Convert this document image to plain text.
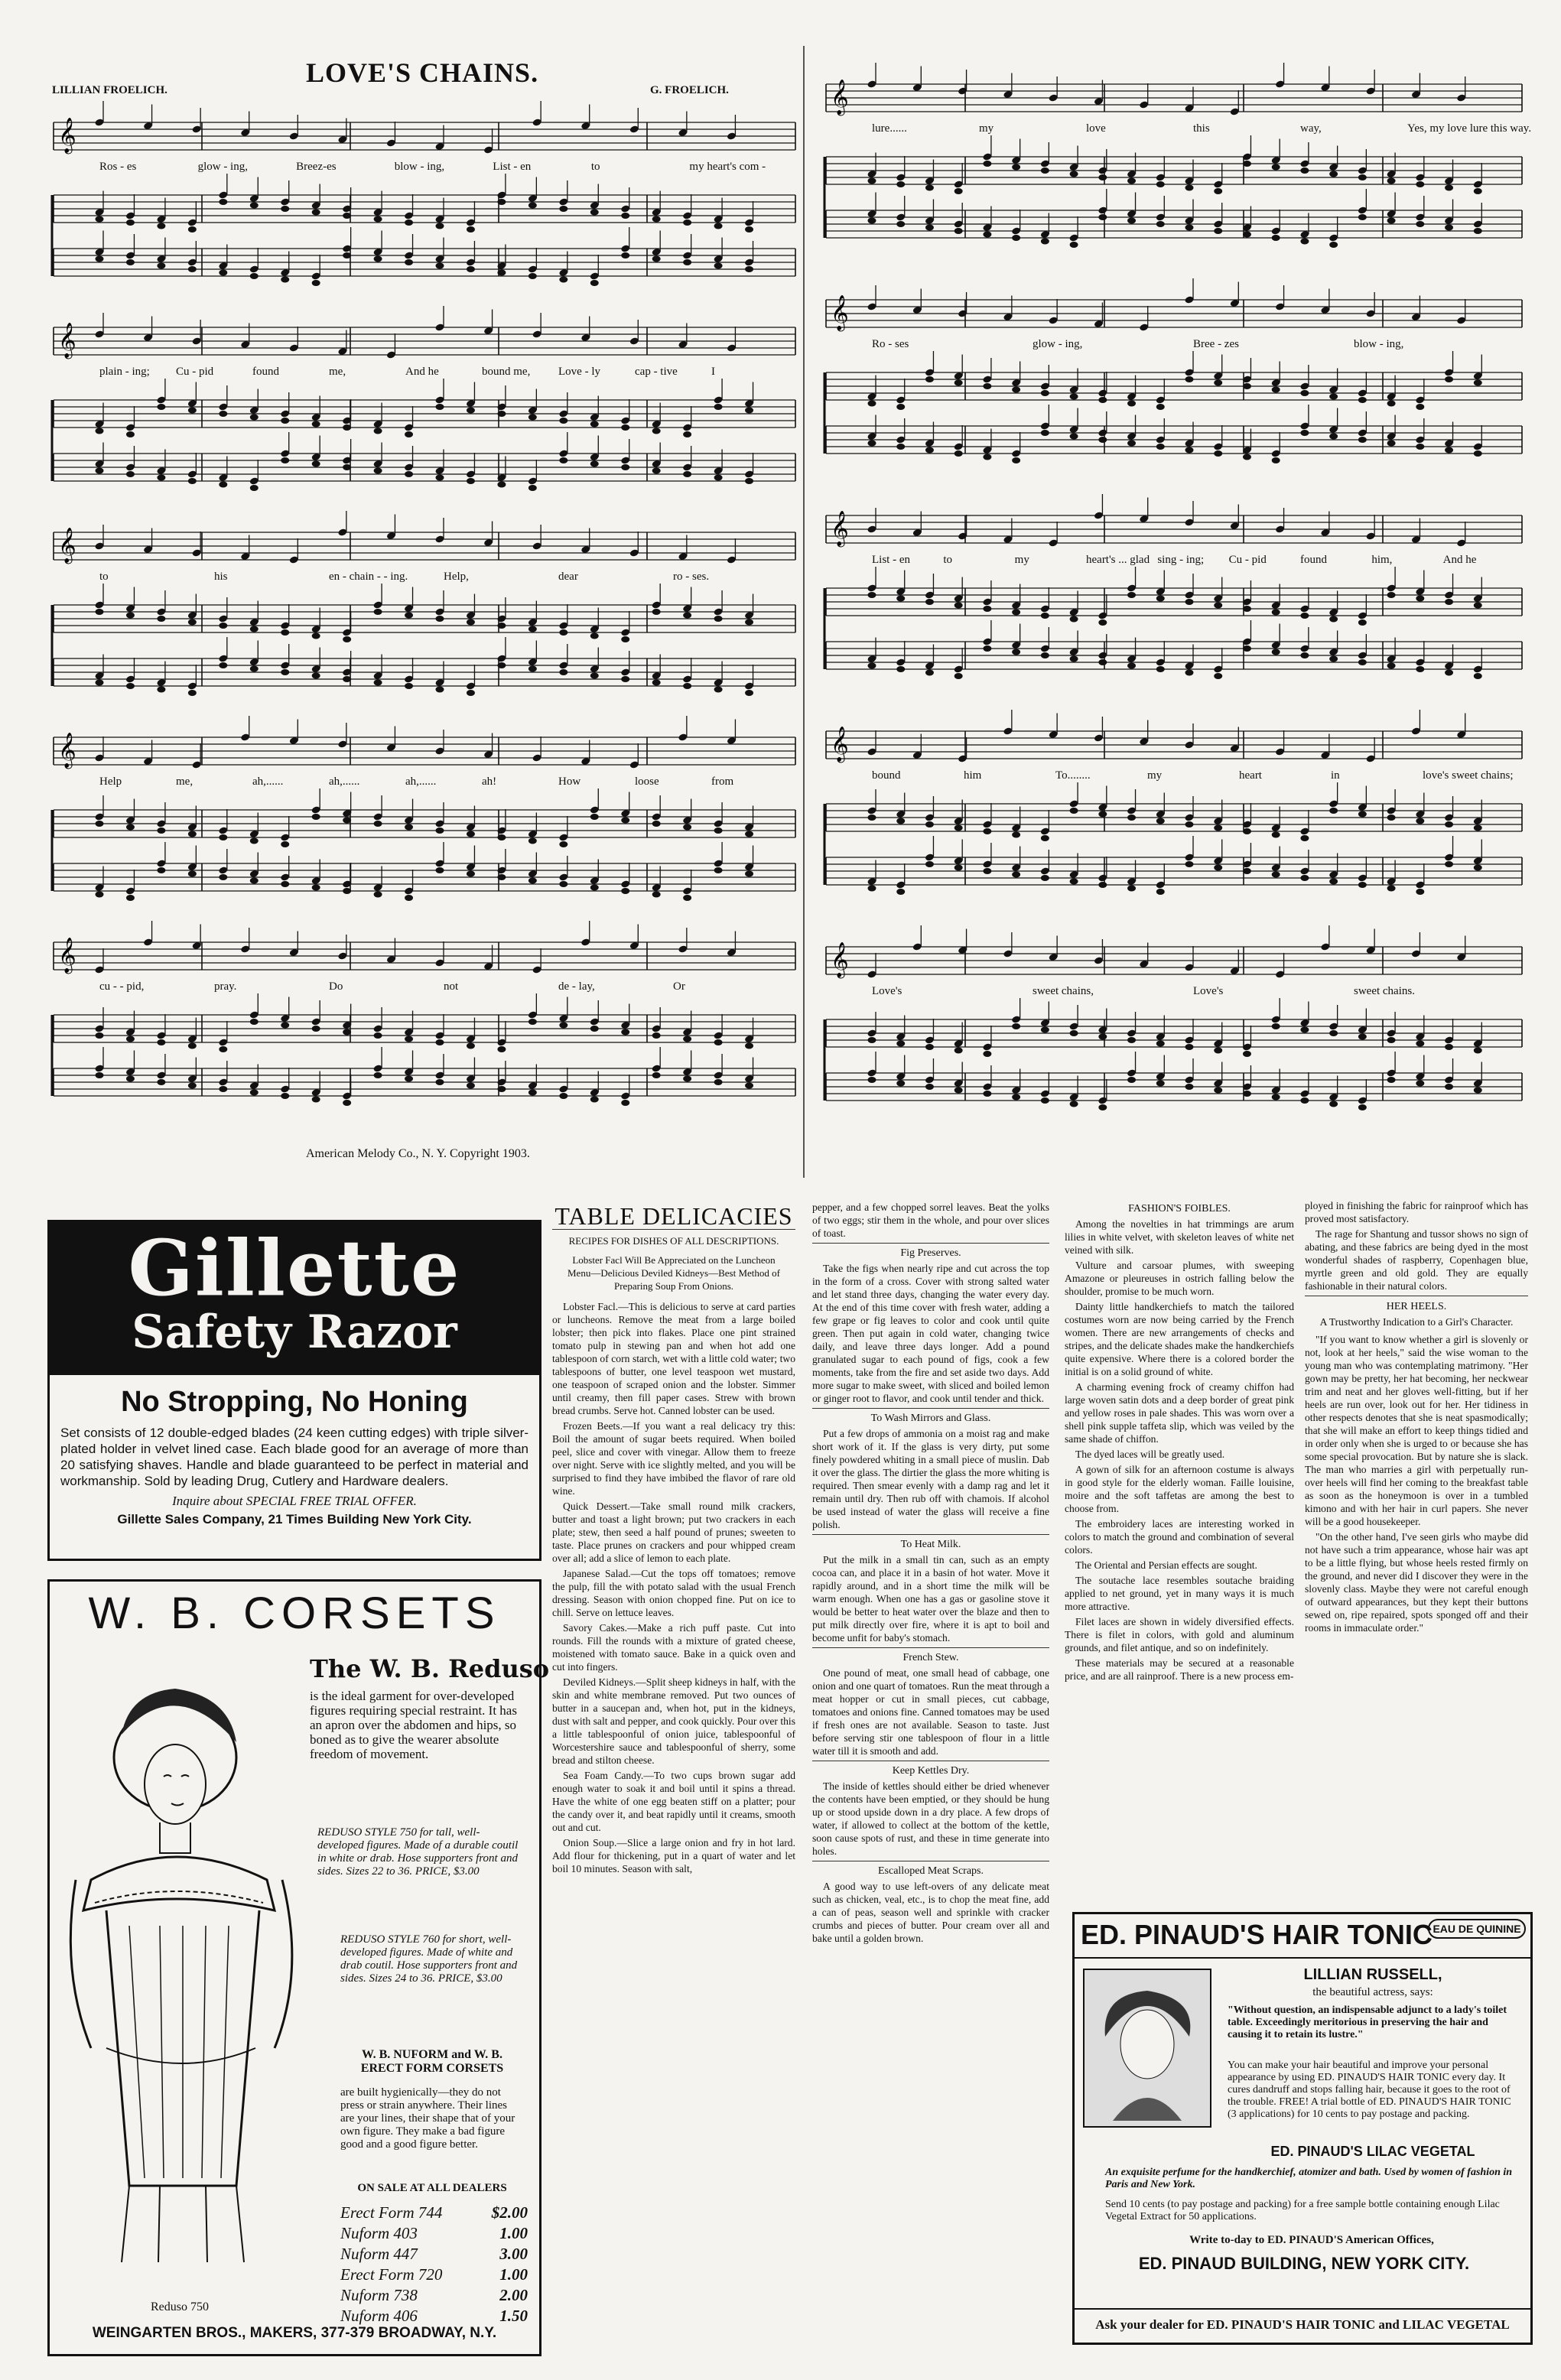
LILLIAN FROELICH.
LOVE'S CHAINS.
G. FROELICH.
𝄞
𝄞
𝄞
𝄞
𝄞
Ros - es	glow - ing,	Breez-es	blow - ing,	List - en	to	my heart's com -
plain - ing; Cu - pid	found	me,	And he	bound me, Love - ly	cap - tive	I
to	his	en - chain - - ing.	Help,	dear	ro - ses.
Help	me,	ah,......	ah,......	ah,......	ah!	How	loose	from
cu - - pid,	pray.	Do	not	de - lay,	Or
American Melody Co., N. Y. Copyright 1903.
𝄞
𝄞
𝄞
𝄞
𝄞
lure......	my	love	this	way,	Yes, my love lure this way.
Ro - ses	glow - ing,	Bree - zes	blow - ing,
List - en	to	my	heart's ... glad sing - ing; Cu - pid	found	him,	And he
bound	him	To........	my	heart	in	love's sweet chains;
Love's	sweet chains,	Love's	sweet chains.
Gillette
Safety Razor
No Stropping, No Honing
Set consists of 12 double-edged blades (24 keen cutting edges) with triple silver-plated holder in velvet lined case. Each blade good for an average of more than 20 satisfying shaves. Handle and blade guaranteed to be perfect in material and workmanship. Sold by leading Drug, Cutlery and Hardware dealers.
Inquire about SPECIAL FREE TRIAL OFFER.
Gillette Sales Company, 21 Times Building New York City.
W. B. CORSETS
Reduso 750
The W. B. Reduso
is the ideal garment for over-developed figures requiring special restraint. It has an apron over the abdomen and hips, so boned as to give the wearer absolute freedom of movement.
REDUSO STYLE 750 for tall, well-developed figures. Made of a durable coutil in white or drab. Hose supporters front and sides. Sizes 22 to 36. PRICE, $3.00
REDUSO STYLE 760 for short, well-developed figures. Made of white and drab coutil. Hose supporters front and sides. Sizes 24 to 36. PRICE, $3.00
W. B. NUFORM and W. B. ERECT FORM CORSETS
are built hygienically—they do not press or strain anywhere. Their lines are your lines, their shape that of your own figure. They make a bad figure good and a good figure better.
ON SALE AT ALL DEALERS
Erect Form 744	$2.00
Nuform 403	1.00
Nuform 447	3.00
Erect Form 720	1.00
Nuform 738	2.00
Nuform 406	1.50
WEINGARTEN BROS., MAKERS, 377-379 BROADWAY, N.Y.
TABLE DELICACIES
RECIPES FOR DISHES OF ALL DESCRIPTIONS.
Lobster Facl Will Be Appreciated on the Luncheon Menu—Delicious Deviled Kidneys—Best Method of Preparing Soup From Onions.

Lobster Facl.—This is delicious to serve at card parties or luncheons. Remove the meat from a large boiled lobster; then pick into flakes. Place one pint strained tomato pulp in stewing pan and when hot add one tablespoon of corn starch, wet with a little cold water; two tablespoons of butter, one level teaspoon wet mustard, one teaspoon of scraped onion and the lobster. Simmer until creamy, then fill paper cases. Strew with brown bread crumbs. Serve hot. Canned lobster can be used.

Frozen Beets.—If you want a real delicacy try this: Boil the amount of sugar beets required. When boiled peel, slice and cover with vinegar. Allow them to freeze over night. Serve with ice slightly melted, and you will be surprised to find they have imbibed the flavor of rare old wine.

Quick Dessert.—Take small round milk crackers, butter and toast a light brown; put two crackers in each plate; stew, then seed a half pound of prunes; sweeten to taste. Place prunes on crackers and pour whipped cream over all; add a slice of lemon to each plate.

Japanese Salad.—Cut the tops off tomatoes; remove the pulp, fill the with potato salad with the usual French dressing. Season with onion chopped fine. Put on ice to chill. Serve on lettuce leaves.

Savory Cakes.—Make a rich puff paste. Cut into rounds. Fill the rounds with a mixture of grated cheese, moistened with tomato sauce. Bake in a quick oven and cut into fingers.

Deviled Kidneys.—Split sheep kidneys in half, with the skin and white membrane removed. Put two ounces of butter in a saucepan and, when hot, put in the kidneys, dust with salt and pepper, and cook quickly. Pour over this a little tablespoonful of onion juice, tablespoonful of Worcestershire sauce and tablespoonful of sherry, some bread and stilton cheese.

Sea Foam Candy.—To two cups brown sugar add enough water to soak it and boil until it spins a thread. Have the white of one egg beaten stiff on a platter; pour the candy over it, and beat rapidly until it creams, smooth out and cut.

Onion Soup.—Slice a large onion and fry in hot lard. Add flour for thickening, put in a quart of water and let boil 10 minutes. Season with salt,

pepper, and a few chopped sorrel leaves. Beat the yolks of two eggs; stir them in the whole, and pour over slices of toast.

Fig Preserves.

Take the figs when nearly ripe and cut across the top in the form of a cross. Cover with strong salted water and let stand three days, changing the water every day. At the end of this time cover with fresh water, adding a few grape or fig leaves to color and cook until quite green. Then put again in cold water, changing twice daily, and leave three days longer. Add a pound granulated sugar to each pound of figs, cook a few moments, take from the fire and set aside two days. Add more sugar to make sweet, with sliced and boiled lemon or ginger root to flavor, and cook until tender and thick.

To Wash Mirrors and Glass.

Put a few drops of ammonia on a moist rag and make short work of it. If the glass is very dirty, put some finely powdered whiting in a small piece of muslin. Dab it over the glass. The dirtier the glass the more whiting is required. Then smear evenly with a damp rag and let it remain until dry. Then rub off with chamois. If alcohol be used instead of water the glass will receive a fine polish.

To Heat Milk.

Put the milk in a small tin can, such as an empty cocoa can, and place it in a basin of hot water. Move it rapidly around, and in a short time the milk will be warm enough. When one has a gas or gasoline stove it would be better to heat water over the blaze and then to put milk directly over fire, where it is apt to boil and become unfit for baby's stomach.

French Stew.

One pound of meat, one small head of cabbage, one onion and one quart of tomatoes. Run the meat through a meat hopper or cut in small pieces, cut cabbage, tomatoes and onions fine. Canned tomatoes may be used if fresh ones are not available. Season to taste. Just before serving stir one tablespoon of flour in a little water till it is smooth and add.

Keep Kettles Dry.

The inside of kettles should either be dried whenever the contents have been emptied, or they should be hung up or stood upside down in a dry place. A few drops of water, if allowed to collect at the bottom of the kettle, soon cause spots of rust, and these in time generate into holes.

Escalloped Meat Scraps.

A good way to use left-overs of any delicate meat such as chicken, veal, etc., is to chop the meat fine, add a can of peas, season well and sprinkle with cracker crumbs and pieces of butter. Pour cream over all and bake until a golden brown.

FASHION'S FOIBLES.

Among the novelties in hat trimmings are arum lilies in white velvet, with skeleton leaves of white net veined with silk.

Vulture and carsoar plumes, with sweeping Amazone or pleureuses in ostrich falling below the shoulder, promise to be much worn.

Dainty little handkerchiefs to match the tailored costumes worn are now being carried by the French women. There are new arrangements of checks and stripes, and the delicate shades make the handkerchiefs quite expensive. Where there is a colored border the initial is on a solid ground of white.

A charming evening frock of creamy chiffon had large woven satin dots and a deep border of great pink and yellow roses in pale shades. This was worn over a shell pink supple taffeta slip, which was veiled by the same shade of chiffon.

The dyed laces will be greatly used.

A gown of silk for an afternoon costume is always in good style for the elderly woman. Faille louisine, moire and the soft taffetas are among the best to choose from.

The embroidery laces are interesting worked in colors to match the ground and combination of several colors.

The Oriental and Persian effects are sought.

The soutache lace resembles soutache braiding applied to net ground, yet in many ways it is much more attractive.

Filet laces are shown in widely diversified effects. There is filet in colors, with gold and aluminum grounds, and filet antique, and so on indefinitely.

These materials may be secured at a reasonable price, and are all rainproof. There is a new process em-

ployed in finishing the fabric for rainproof which has proved most satisfactory.

The rage for Shantung and tussor shows no sign of abating, and these fabrics are being dyed in the most wonderful shades of raspberry, Copenhagen blue, myrtle green and old gold. They are equally fashionable in their natural colors.

HER HEELS.
A Trustworthy Indication to a Girl's Character.

"If you want to know whether a girl is slovenly or not, look at her heels," said the wise woman to the young man who was contemplating matrimony. "Her gown may be pretty, her hat becoming, her neckwear trim and neat and her gloves well-fitting, but if her heels are run over, look out for her. Her tidiness in other respects denotes that she is neat spasmodically; that she will make an effort to keep things tidied and in order only when she is urged to or because she has some special provocation. But by nature she is slack. The man who marries a girl with perpetually run-over heels will find her coming to the breakfast table as soon as the honeymoon is over in a tumbled kimono and with her hair in curl papers. She never will be a good housekeeper.

"On the other hand, I've seen girls who maybe did not have such a trim appearance, whose hair was apt to be a little flying, but whose heels rested firmly on the ground, and never did I discover they were in the slovenly class. Maybe they were not careful enough of outward appearances, but they kept their buttons sewed on, ripe repaired, spots sponged off and their rooms in immaculate order."

ED. PINAUD'S HAIR TONIC EAU DE QUININE
LILLIAN RUSSELL,
the beautiful actress, says:
"Without question, an indispensable adjunct to a lady's toilet table. Exceedingly meritorious in preserving the hair and causing it to retain its lustre."
You can make your hair beautiful and improve your personal appearance by using ED. PINAUD'S HAIR TONIC every day. It cures dandruff and stops falling hair, because it goes to the root of the trouble. FREE! A trial bottle of ED. PINAUD'S HAIR TONIC (3 applications) for 10 cents to pay postage and packing.
ED. PINAUD'S LILAC VEGETAL
An exquisite perfume for the handkerchief, atomizer and bath. Used by women of fashion in Paris and New York.
Send 10 cents (to pay postage and packing) for a free sample bottle containing enough Lilac Vegetal Extract for 50 applications.
Write to-day to ED. PINAUD'S American Offices,
ED. PINAUD BUILDING, NEW YORK CITY.
Ask your dealer for ED. PINAUD'S HAIR TONIC and LILAC VEGETAL
